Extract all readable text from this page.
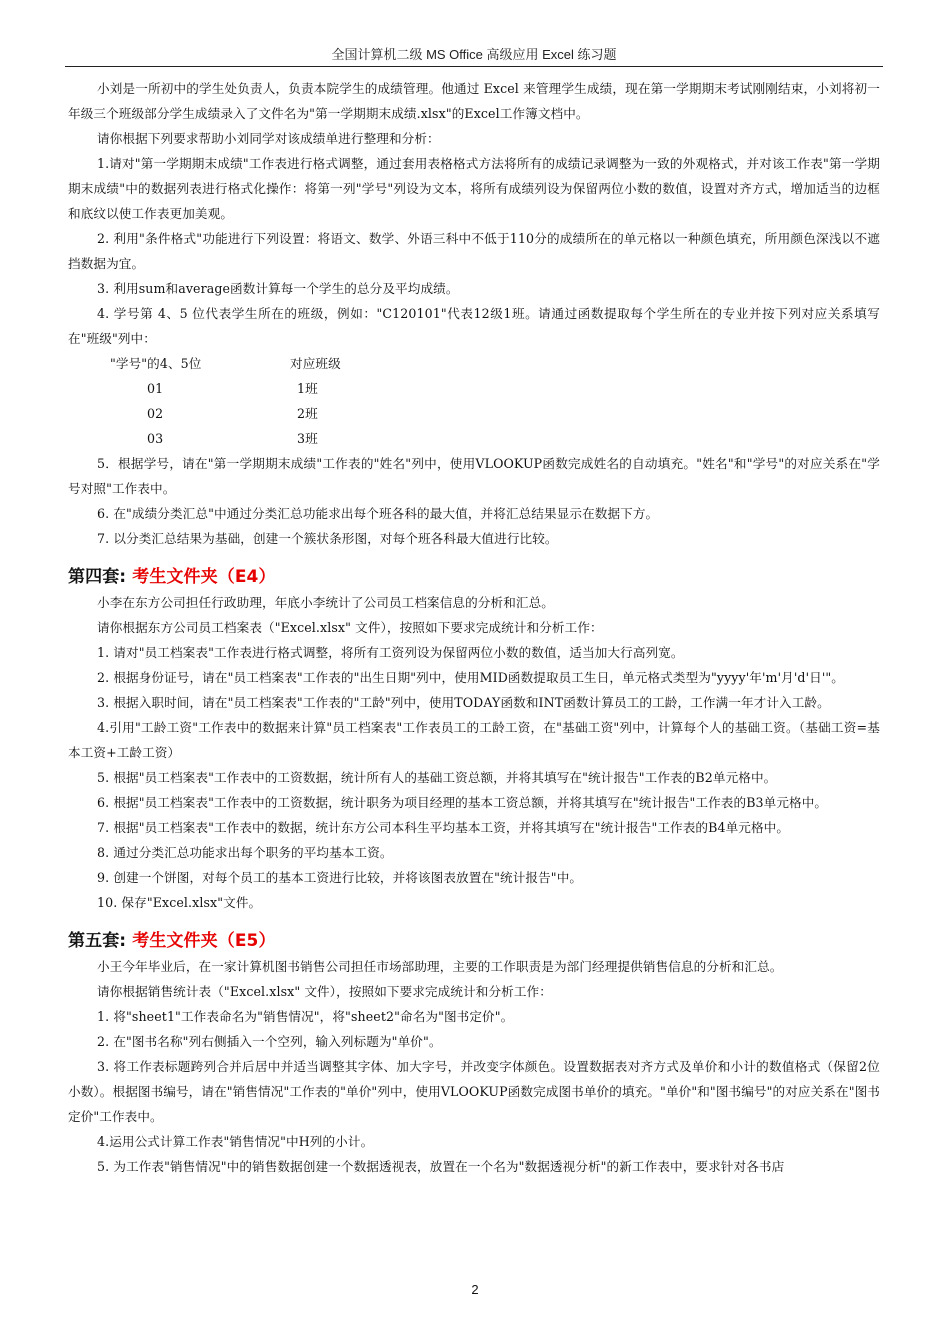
全国计算机二级 MS Office 高级应用 Excel 练习题

小刘是一所初中的学生处负责人，负责本院学生的成绩管理。他通过 Excel 来管理学生成绩，现在第一学期期末考试刚刚结束，小刘将初一年级三个班级部分学生成绩录入了文件名为"第一学期期末成绩.xlsx"的Excel工作簿文档中。

请你根据下列要求帮助小刘同学对该成绩单进行整理和分析：

1.请对"第一学期期末成绩"工作表进行格式调整，通过套用表格格式方法将所有的成绩记录调整为一致的外观格式，并对该工作表"第一学期期末成绩"中的数据列表进行格式化操作：将第一列"学号"列设为文本，将所有成绩列设为保留两位小数的数值，设置对齐方式，增加适当的边框和底纹以使工作表更加美观。

2. 利用"条件格式"功能进行下列设置：将语文、数学、外语三科中不低于110分的成绩所在的单元格以一种颜色填充，所用颜色深浅以不遮挡数据为宜。

3. 利用sum和average函数计算每一个学生的总分及平均成绩。

4. 学号第 4、5 位代表学生所在的班级，例如："C120101"代表12级1班。请通过函数提取每个学生所在的专业并按下列对应关系填写在"班级"列中：

"学号"的4、5位	对应班级
01	1班
02	2班
03	3班

5．根据学号，请在"第一学期期末成绩"工作表的"姓名"列中，使用VLOOKUP函数完成姓名的自动填充。"姓名"和"学号"的对应关系在"学号对照"工作表中。

6. 在"成绩分类汇总"中通过分类汇总功能求出每个班各科的最大值，并将汇总结果显示在数据下方。

7. 以分类汇总结果为基础，创建一个簇状条形图，对每个班各科最大值进行比较。

第四套: 考生文件夹（E4）

小李在东方公司担任行政助理，年底小李统计了公司员工档案信息的分析和汇总。

请你根据东方公司员工档案表（"Excel.xlsx" 文件），按照如下要求完成统计和分析工作：

1. 请对"员工档案表"工作表进行格式调整，将所有工资列设为保留两位小数的数值，适当加大行高列宽。

2. 根据身份证号，请在"员工档案表"工作表的"出生日期"列中，使用MID函数提取员工生日，单元格式类型为"yyyy'年'm'月'd'日'"。

3. 根据入职时间，请在"员工档案表"工作表的"工龄"列中，使用TODAY函数和INT函数计算员工的工龄，工作满一年才计入工龄。

4.引用"工龄工资"工作表中的数据来计算"员工档案表"工作表员工的工龄工资，在"基础工资"列中，计算每个人的基础工资。（基础工资=基本工资+工龄工资）

5. 根据"员工档案表"工作表中的工资数据，统计所有人的基础工资总额，并将其填写在"统计报告"工作表的B2单元格中。

6. 根据"员工档案表"工作表中的工资数据，统计职务为项目经理的基本工资总额，并将其填写在"统计报告"工作表的B3单元格中。

7. 根据"员工档案表"工作表中的数据，统计东方公司本科生平均基本工资，并将其填写在"统计报告"工作表的B4单元格中。

8. 通过分类汇总功能求出每个职务的平均基本工资。

9. 创建一个饼图，对每个员工的基本工资进行比较，并将该图表放置在"统计报告"中。

10. 保存"Excel.xlsx"文件。

第五套: 考生文件夹（E5）

小王今年毕业后，在一家计算机图书销售公司担任市场部助理，主要的工作职责是为部门经理提供销售信息的分析和汇总。

请你根据销售统计表（"Excel.xlsx" 文件），按照如下要求完成统计和分析工作：

1. 将"sheet1"工作表命名为"销售情况"，将"sheet2"命名为"图书定价"。

2. 在"图书名称"列右侧插入一个空列，输入列标题为"单价"。

3. 将工作表标题跨列合并后居中并适当调整其字体、加大字号，并改变字体颜色。设置数据表对齐方式及单价和小计的数值格式（保留2位小数）。根据图书编号，请在"销售情况"工作表的"单价"列中，使用VLOOKUP函数完成图书单价的填充。"单价"和"图书编号"的对应关系在"图书定价"工作表中。

4.运用公式计算工作表"销售情况"中H列的小计。

5. 为工作表"销售情况"中的销售数据创建一个数据透视表，放置在一个名为"数据透视分析"的新工作表中，要求针对各书店

2
